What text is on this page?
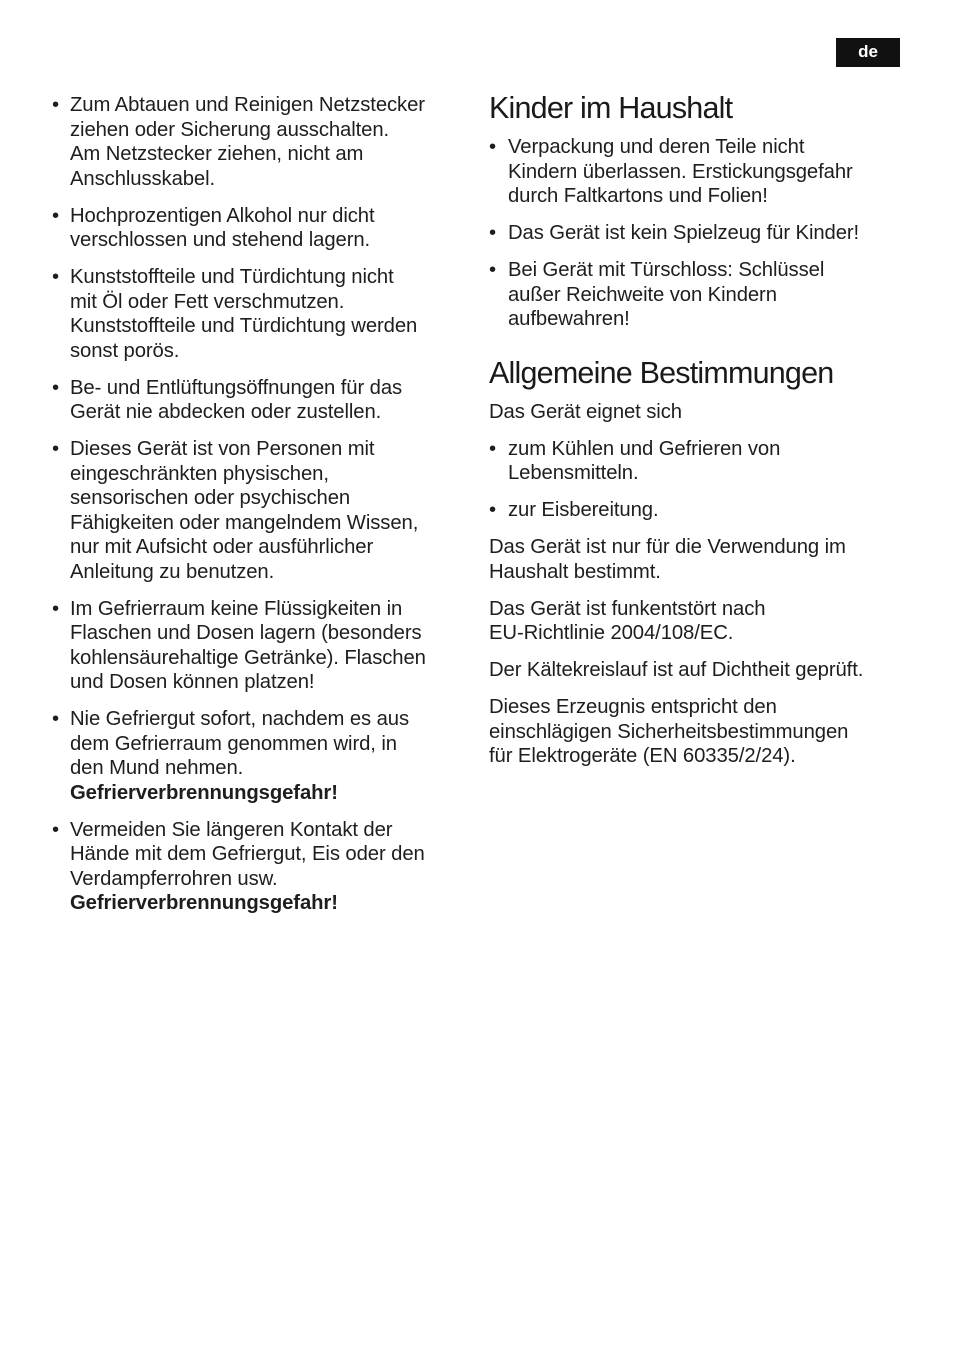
de
• Zum Abtauen und Reinigen Netzstecker
ziehen oder Sicherung ausschalten.
Am Netzstecker ziehen, nicht am
Anschlusskabel.
• Hochprozentigen Alkohol nur dicht
verschlossen und stehend lagern.
• Kunststoffteile und Türdichtung nicht
mit Öl oder Fett verschmutzen.
Kunststoffteile und Türdichtung werden
sonst porös.
• Be- und Entlüftungsöffnungen für das
Gerät nie abdecken oder zustellen.
• Dieses Gerät ist von Personen mit
eingeschränkten physischen,
sensorischen oder psychischen
Fähigkeiten oder mangelndem Wissen,
nur mit Aufsicht oder ausführlicher
Anleitung zu benutzen.
• Im Gefrierraum keine Flüssigkeiten in
Flaschen und Dosen lagern (besonders
kohlensäurehaltige Getränke). Flaschen
und Dosen können platzen!
• Nie Gefriergut sofort, nachdem es aus
dem Gefrierraum genommen wird, in
den Mund nehmen.
Gefrierverbrennungsgefahr!
• Vermeiden Sie längeren Kontakt der
Hände mit dem Gefriergut, Eis oder den
Verdampferrohren usw.
Gefrierverbrennungsgefahr!
Kinder im Haushalt
• Verpackung und deren Teile nicht
Kindern überlassen. Erstickungsgefahr
durch Faltkartons und Folien!
• Das Gerät ist kein Spielzeug für Kinder!
• Bei Gerät mit Türschloss: Schlüssel
außer Reichweite von Kindern
aufbewahren!
Allgemeine Bestimmungen

Das Gerät eignet sich

• zum Kühlen und Gefrieren von
Lebensmitteln.
• zur Eisbereitung.

Das Gerät ist nur für die Verwendung im
Haushalt bestimmt.

Das Gerät ist funkentstört nach
EU-Richtlinie 2004/108/EC.

Der Kältekreislauf ist auf Dichtheit geprüft.

Dieses Erzeugnis entspricht den
einschlägigen Sicherheitsbestimmungen
für Elektrogeräte (EN 60335/2/24).
